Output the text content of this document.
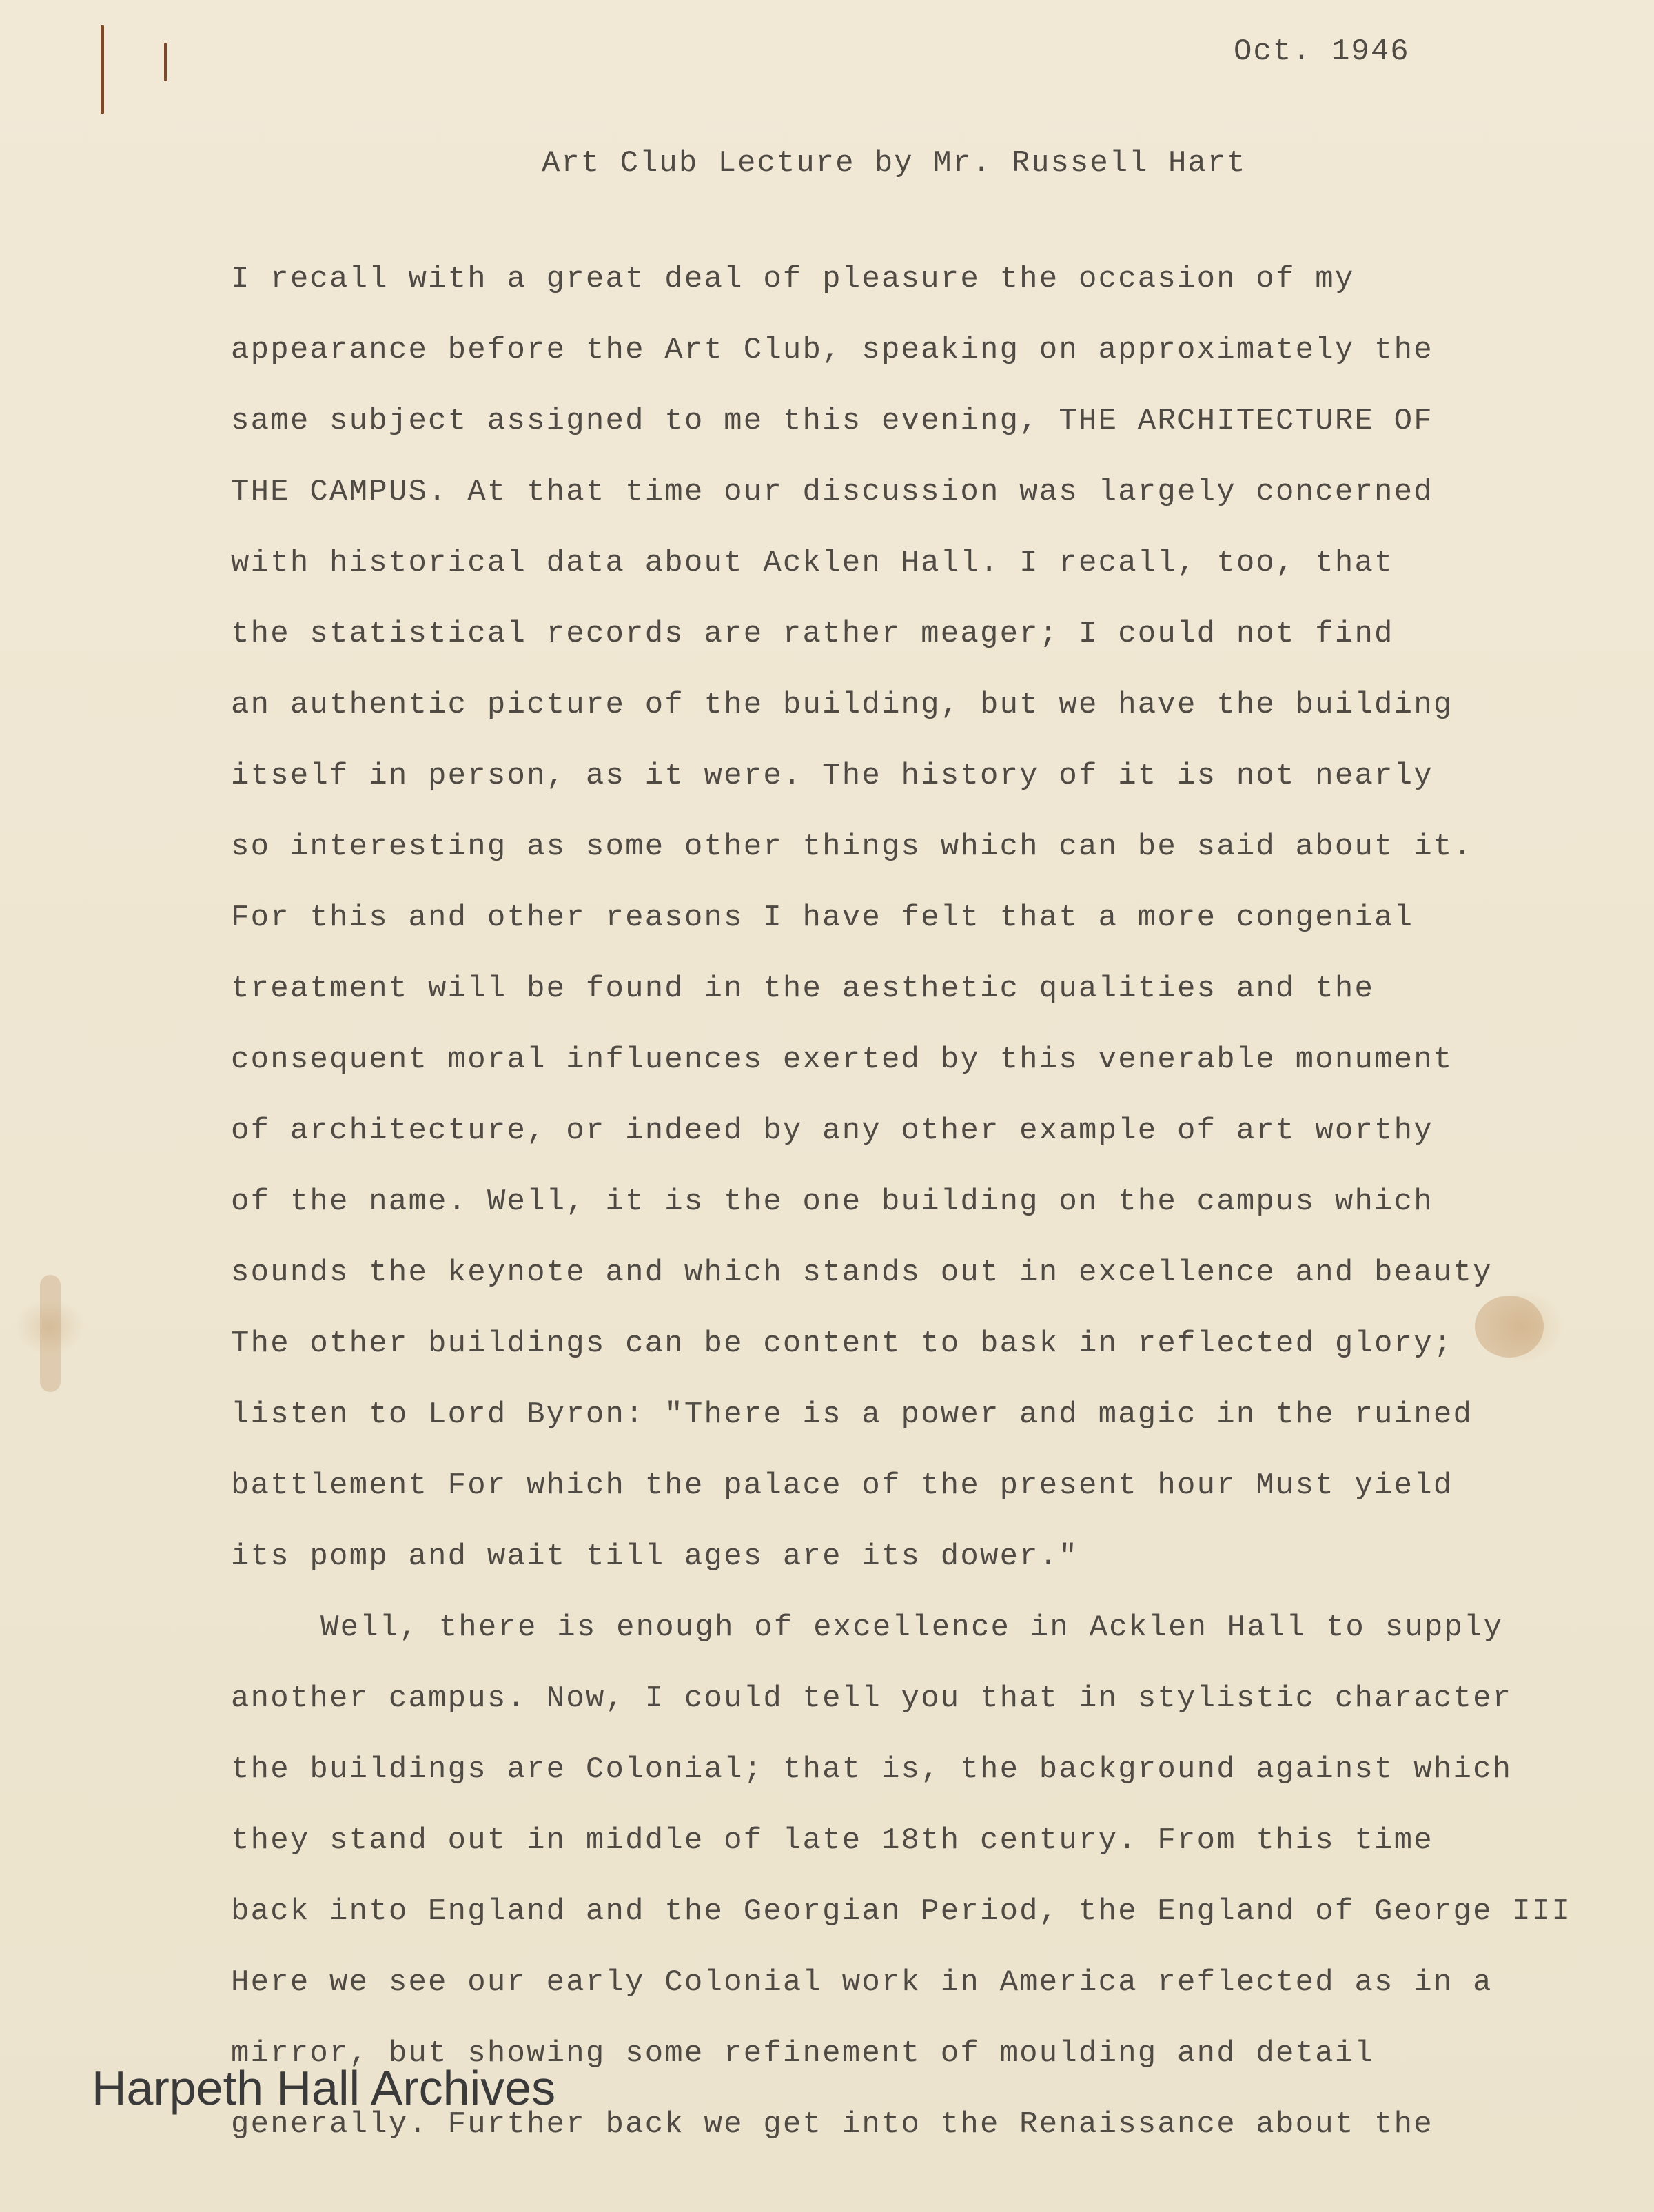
Oct. 1946
Art Club Lecture by Mr. Russell Hart
I recall with a great deal of pleasure the occasion of my
appearance before the Art Club, speaking on approximately the
same subject assigned to me this evening, THE ARCHITECTURE OF
THE CAMPUS. At that time our discussion was largely concerned
with historical data about Acklen Hall. I recall, too, that
the statistical records are rather meager; I could not find
an authentic picture of the building, but we have the building
itself in person, as it were. The history of it is not nearly
so interesting as some other things which can be said about it.
For this and other reasons I have felt that a more congenial
treatment will be found in the aesthetic qualities and the
consequent moral influences exerted by this venerable monument
of architecture, or indeed by any other example of art worthy
of the name. Well, it is the one building on the campus which
sounds the keynote and which stands out in excellence and beauty
The other buildings can be content to bask in reflected glory;
listen to Lord Byron: "There is a power and magic in the ruined
battlement For which the palace of the present hour Must yield
its pomp and wait till ages are its dower."
Well, there is enough of excellence in Acklen Hall to supply
another campus. Now, I could tell you that in stylistic character
the buildings are Colonial; that is, the background against which
they stand out in middle of late 18th century. From this time
back into England and the Georgian Period, the England of George III
Here we see our early Colonial work in America reflected as in a
mirror, but showing some refinement of moulding and detail
generally. Further back we get into the Renaissance about the
Harpeth Hall Archives
